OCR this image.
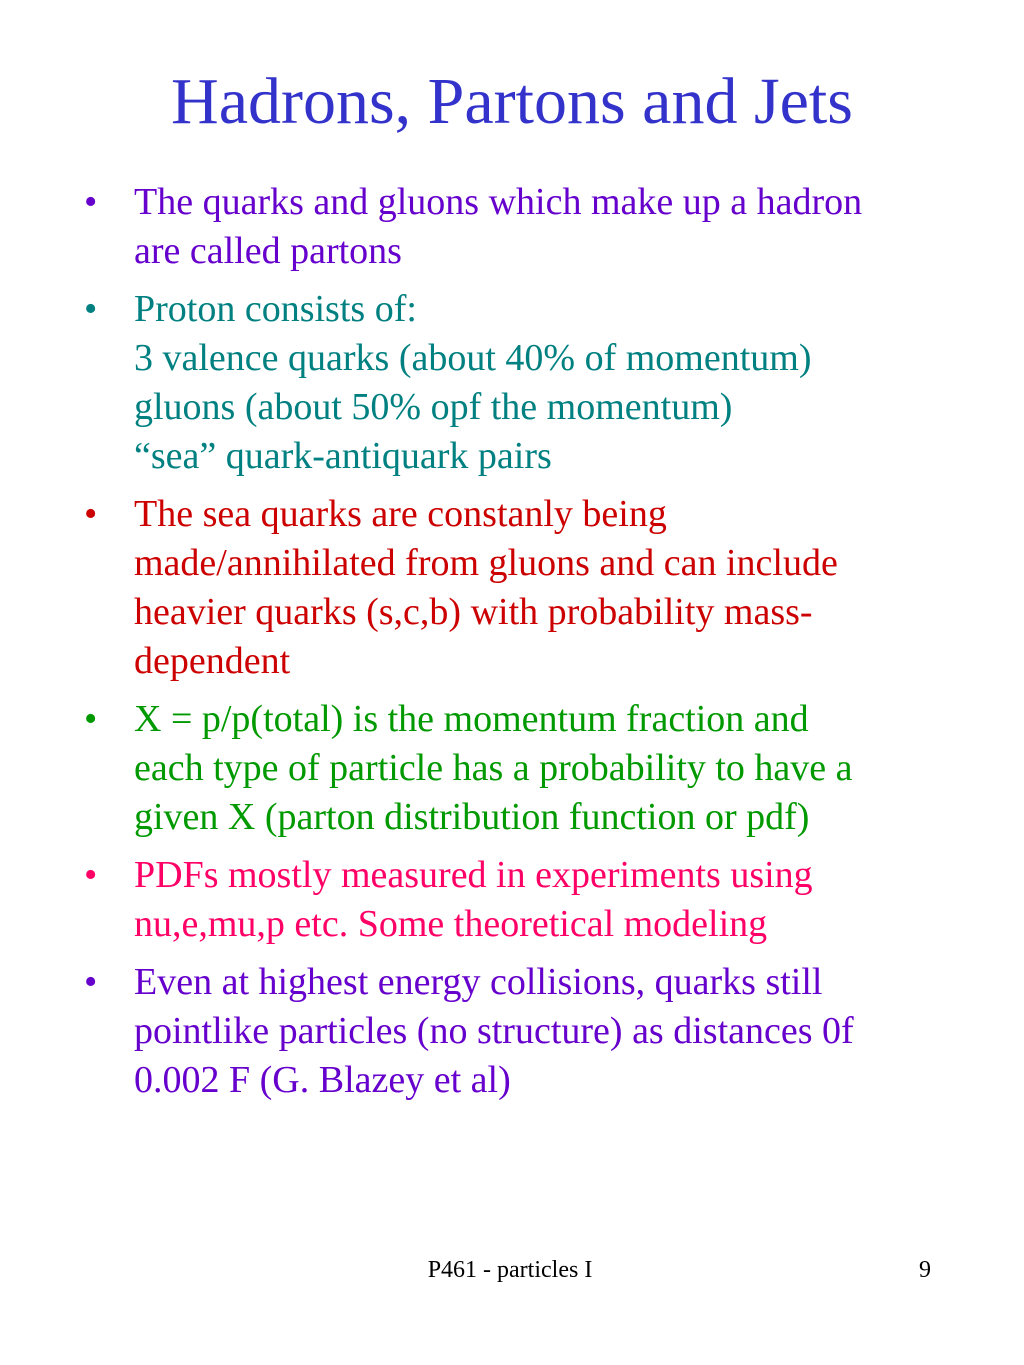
Hadrons, Partons and Jets
• The quarks and gluons which make up a hadron
are called partons
• Proton consists of:
3 valence quarks (about 40% of momentum)
gluons (about 50% opf the momentum)
“sea” quark-antiquark pairs
• The sea quarks are constanly being
made/annihilated from gluons and can include
heavier quarks (s,c,b) with probability mass-
dependent
• X = p/p(total) is the momentum fraction and
each type of particle has a probability to have a
given X (parton distribution function or pdf)
• PDFs mostly measured in experiments using
nu,e,mu,p etc. Some theoretical modeling
• Even at highest energy collisions, quarks still
pointlike particles (no structure) as distances 0f
0.002 F (G. Blazey et al)
P461 - particles I	9
